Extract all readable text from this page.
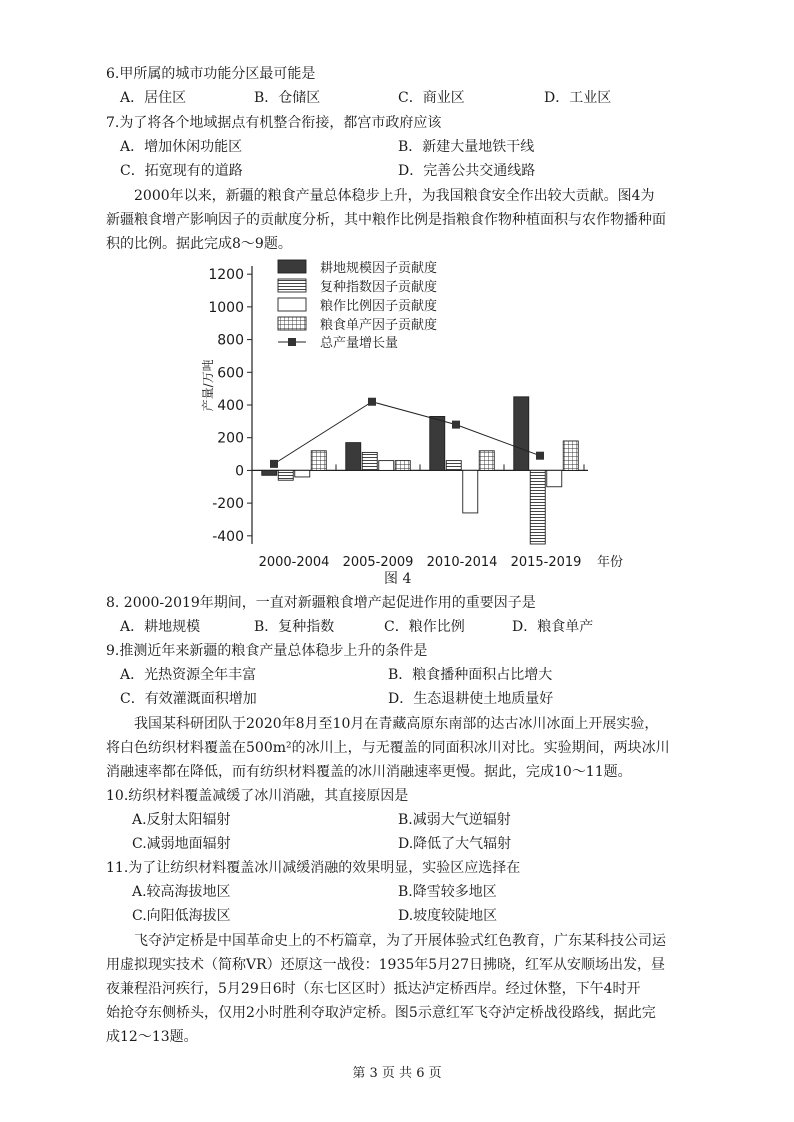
6.甲所属的城市功能分区最可能是
A．居住区	B．仓储区	C．商业区	D．工业区
7.为了将各个地域据点有机整合衔接，都宫市政府应该
A．增加休闲功能区	B．新建大量地铁干线
C．拓宽现有的道路	D．完善公共交通线路
2000年以来，新疆的粮食产量总体稳步上升，为我国粮食安全作出较大贡献。图4为
新疆粮食增产影响因子的贡献度分析，其中粮作比例是指粮食作物种植面积与农作物播种面
积的比例。据此完成8～9题。
-400
-200
0
200
400
600
800
1000
1200
产量/万吨
耕地规模因子贡献度
复种指数因子贡献度
粮作比例因子贡献度
粮食单产因子贡献度
总产量增长量
2000-2004 2005-2009 2010-2014 2015-2019 年份
图 4
8. 2000-2019年期间，一直对新疆粮食增产起促进作用的重要因子是
A．耕地规模	B．复种指数	C．粮作比例	D．粮食单产
9.推测近年来新疆的粮食产量总体稳步上升的条件是
A．光热资源全年丰富	B．粮食播种面积占比增大
C．有效灌溉面积增加	D．生态退耕使土地质量好
我国某科研团队于2020年8月至10月在青藏高原东南部的达古冰川冰面上开展实验，
将白色纺织材料覆盖在500m²的冰川上，与无覆盖的同面积冰川对比。实验期间，两块冰川
消融速率都在降低，而有纺织材料覆盖的冰川消融速率更慢。据此，完成10～11题。
10.纺织材料覆盖减缓了冰川消融，其直接原因是
A.反射太阳辐射	B.减弱大气逆辐射
C.减弱地面辐射	D.降低了大气辐射
11.为了让纺织材料覆盖冰川减缓消融的效果明显，实验区应选择在
A.较高海拔地区	B.降雪较多地区
C.向阳低海拔区	D.坡度较陡地区
飞夺泸定桥是中国革命史上的不朽篇章，为了开展体验式红色教育，广东某科技公司运
用虚拟现实技术（简称VR）还原这一战役：1935年5月27日拂晓，红军从安顺场出发，昼
夜兼程沿河疾行，5月29日6时（东七区区时）抵达泸定桥西岸。经过休整，下午4时开
始抢夺东侧桥头，仅用2小时胜利夺取泸定桥。图5示意红军飞夺泸定桥战役路线，据此完
成12～13题。
第 3 页 共 6 页
